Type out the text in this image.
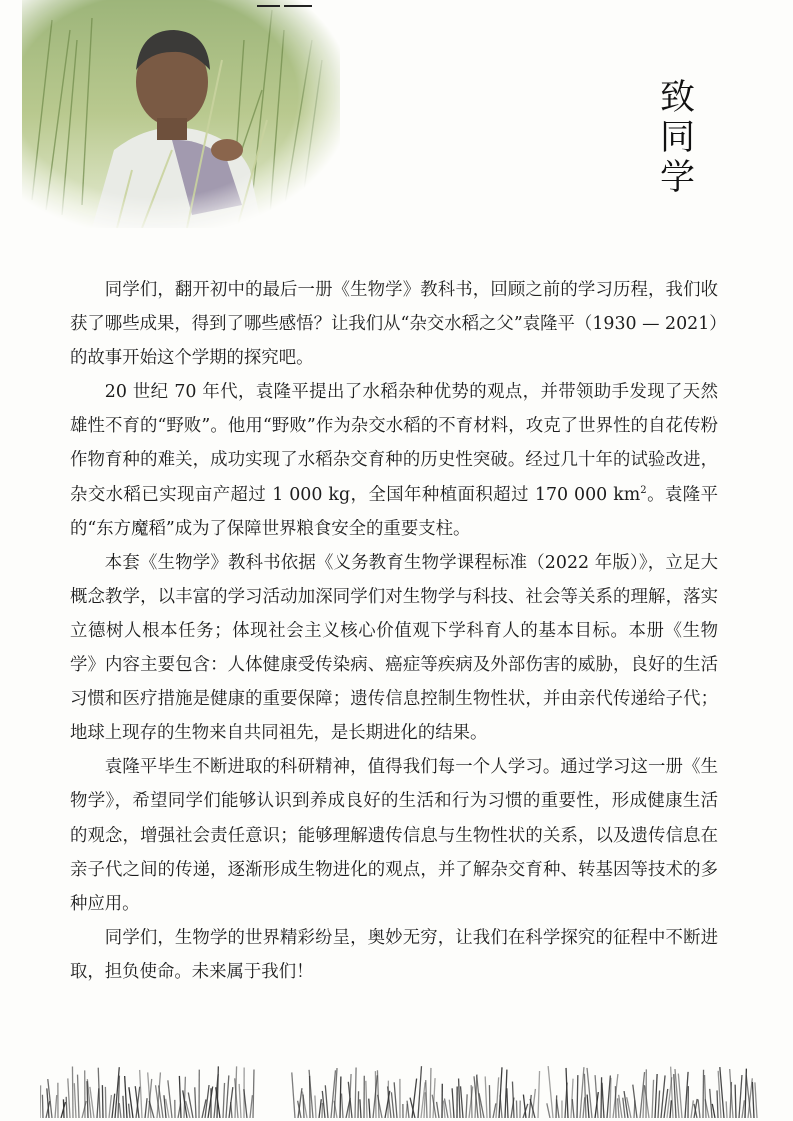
致
同
学

同学们，翻开初中的最后一册《生物学》教科书，回顾之前的学习历程，我们收获了哪些成果，得到了哪些感悟？让我们从“杂交水稻之父”袁隆平（1930 — 2021）的故事开始这个学期的探究吧。

20 世纪 70 年代，袁隆平提出了水稻杂种优势的观点，并带领助手发现了天然雄性不育的“野败”。他用“野败”作为杂交水稻的不育材料，攻克了世界性的自花传粉作物育种的难关，成功实现了水稻杂交育种的历史性突破。经过几十年的试验改进，杂交水稻已实现亩产超过 1 000 kg，全国年种植面积超过 170 000 $km^2$。袁隆平的“东方魔稻”成为了保障世界粮食安全的重要支柱。

本套《生物学》教科书依据《义务教育生物学课程标准（2022 年版）》，立足大概念教学，以丰富的学习活动加深同学们对生物学与科技、社会等关系的理解，落实立德树人根本任务；体现社会主义核心价值观下学科育人的基本目标。本册《生物学》内容主要包含：人体健康受传染病、癌症等疾病及外部伤害的威胁，良好的生活习惯和医疗措施是健康的重要保障；遗传信息控制生物性状，并由亲代传递给子代；地球上现存的生物来自共同祖先，是长期进化的结果。

袁隆平毕生不断进取的科研精神，值得我们每一个人学习。通过学习这一册《生物学》，希望同学们能够认识到养成良好的生活和行为习惯的重要性，形成健康生活的观念，增强社会责任意识；能够理解遗传信息与生物性状的关系，以及遗传信息在亲子代之间的传递，逐渐形成生物进化的观点，并了解杂交育种、转基因等技术的多种应用。

同学们，生物学的世界精彩纷呈，奥妙无穷，让我们在科学探究的征程中不断进取，担负使命。未来属于我们！
